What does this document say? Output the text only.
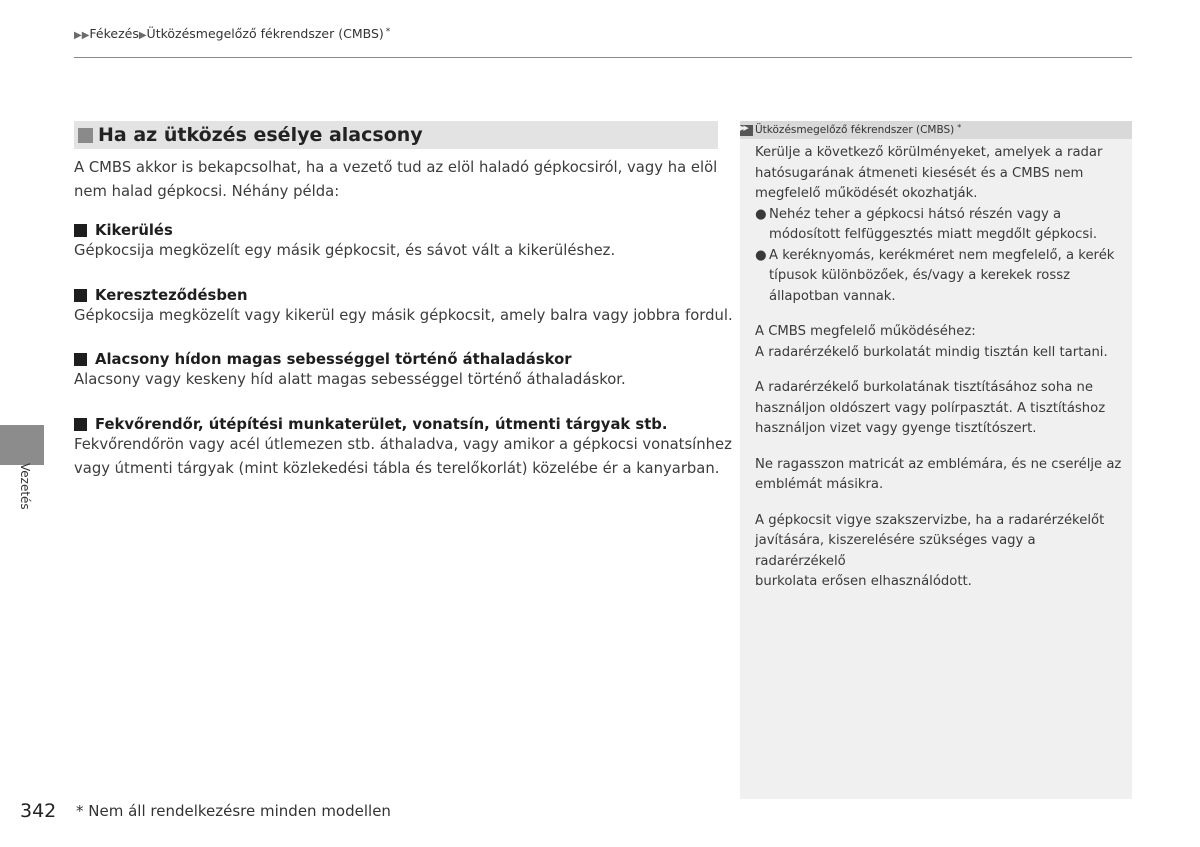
▶▶Fékezés▶Ütközésmegelőző fékrendszer (CMBS) *
Ha az ütközés esélye alacsony
A CMBS akkor is bekapcsolhat, ha a vezető tud az elöl haladó gépkocsiról, vagy ha elöl nem halad gépkocsi. Néhány példa:
Kikerülés
Gépkocsija megközelít egy másik gépkocsit, és sávot vált a kikerüléshez.
Kereszteződésben
Gépkocsija megközelít vagy kikerül egy másik gépkocsit, amely balra vagy jobbra fordul.
Alacsony hídon magas sebességgel történő áthaladáskor
Alacsony vagy keskeny híd alatt magas sebességgel történő áthaladáskor.
Fekvőrendőr, útépítési munkaterület, vonatsín, útmenti tárgyak stb.
Fekvőrendőrön vagy acél útlemezen stb. áthaladva, vagy amikor a gépkocsi vonatsínhez
vagy útmenti tárgyak (mint közlekedési tábla és terelőkorlát) közelébe ér a kanyarban.
Vezetés
▶▶
Ütközésmegelőző fékrendszer (CMBS) *
Kerülje a következő körülményeket, amelyek a radar
hatósugarának átmeneti kiesését és a CMBS nem
megfelelő működését okozhatják.
● Nehéz teher a gépkocsi hátsó részén vagy a
módosított felfüggesztés miatt megdőlt gépkocsi.
● A keréknyomás, kerékméret nem megfelelő, a kerék
típusok különbözőek, és/vagy a kerekek rossz
állapotban vannak.
A CMBS megfelelő működéséhez:
A radarérzékelő burkolatát mindig tisztán kell tartani.
A radarérzékelő burkolatának tisztításához soha ne
használjon oldószert vagy polírpasztát. A tisztításhoz
használjon vizet vagy gyenge tisztítószert.
Ne ragasszon matricát az emblémára, és ne cserélje az
emblémát másikra.
A gépkocsit vigye szakszervizbe, ha a radarérzékelőt
javítására, kiszerelésére szükséges vagy a radarérzékelő
burkolata erősen elhasználódott.
342 * Nem áll rendelkezésre minden modellen
